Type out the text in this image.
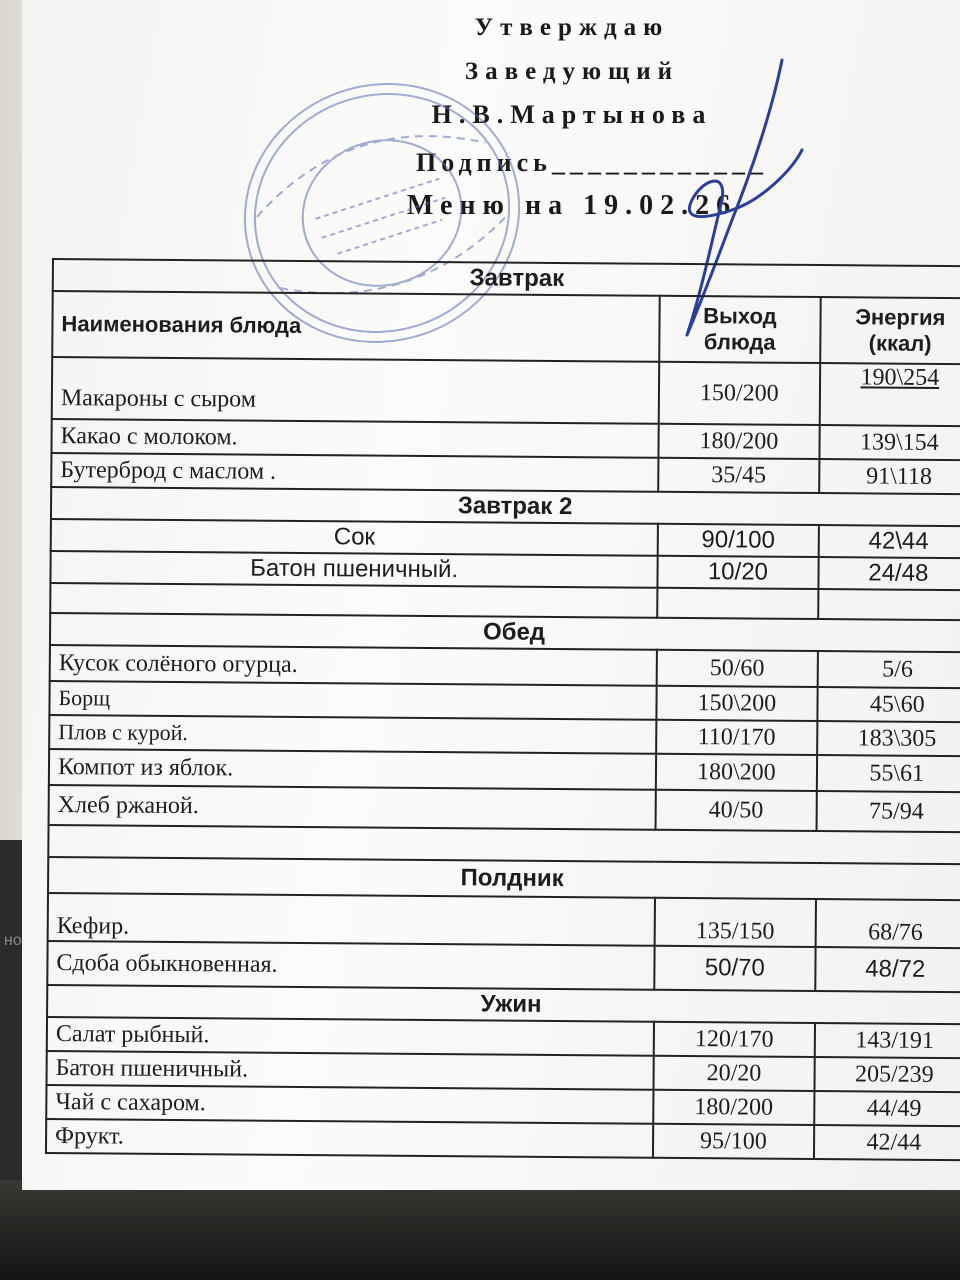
но
Утверждаю
Заведующий
Н.В.Мартынова
Подпись____________
Меню на 19.02.26
Завтрак		
Наименования блюда	Выход блюда	Энергия (ккал)
Макароны с сыром	150/200	190\254
Какао с молоком.	180/200	139\154
Бутерброд с маслом .	35/45	91\118
Завтрак 2		
Сок	90/100	42\44
Батон пшеничный.	10/20	24/48

Обед		
Кусок солёного огурца.	50/60	5/6
Борщ	150\200	45\60
Плов с курой.	110/170	183\305
Компот из яблок.	180\200	55\61
Хлеб ржаной.	40/50	75/94

Полдник		
Кефир.	135/150	68/76
Сдоба обыкновенная.	50/70	48/72
Ужин		
Салат рыбный.	120/170	143/191
Батон пшеничный.	20/20	205/239
Чай с сахаром.	180/200	44/49
Фрукт.	95/100	42/44
